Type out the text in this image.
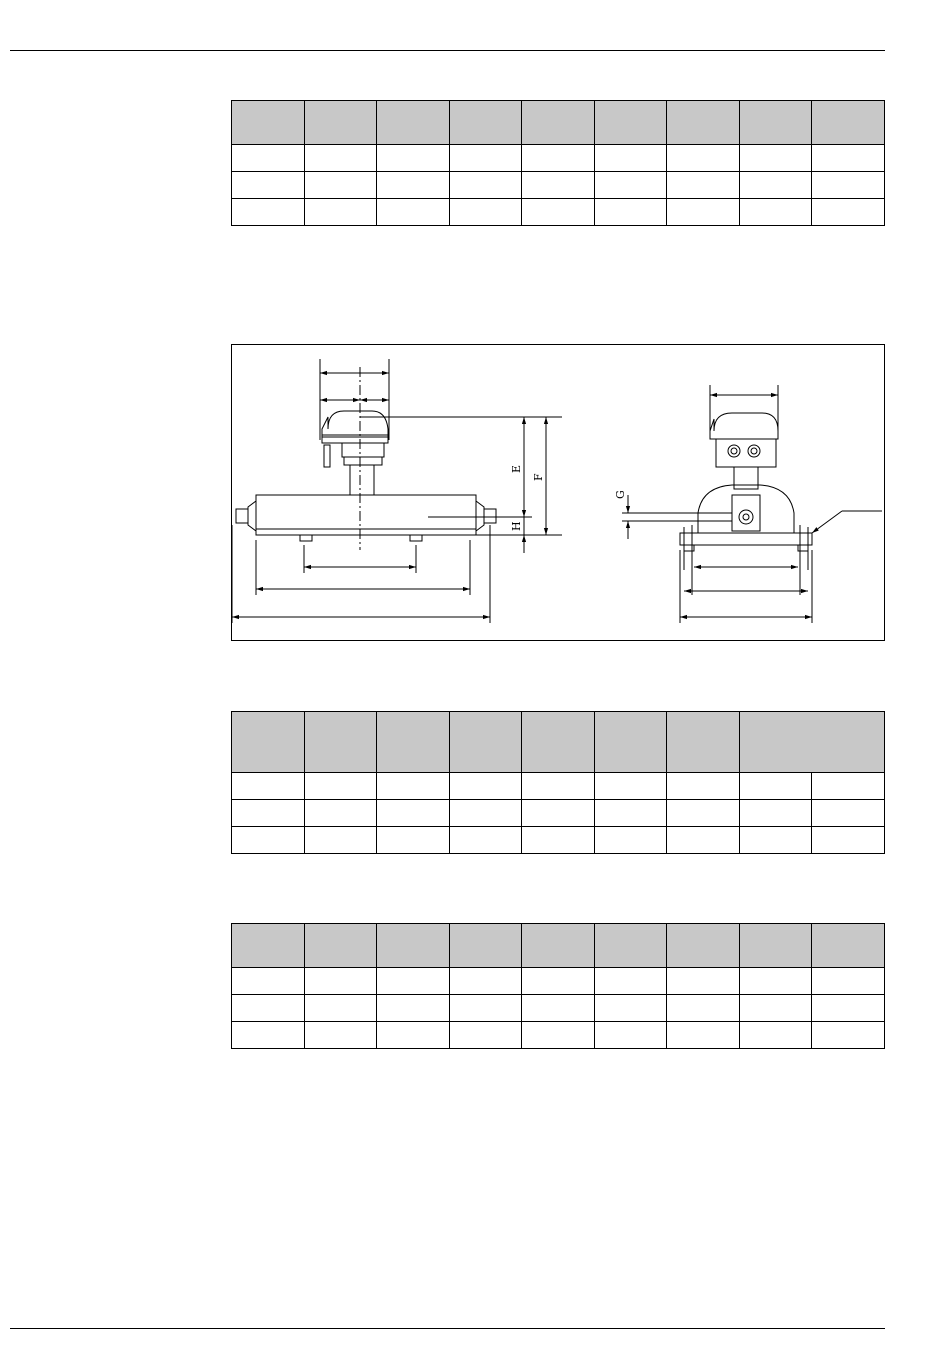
E
F
H
G
